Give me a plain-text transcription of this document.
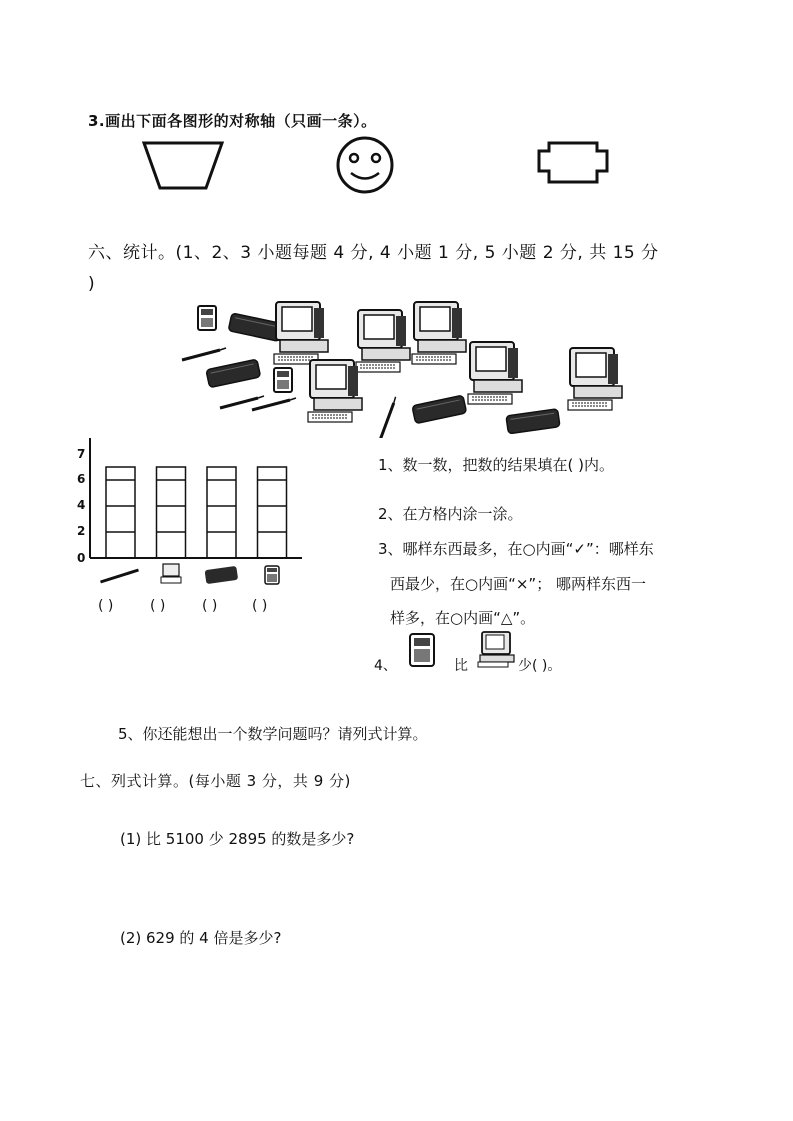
3.画出下面各图形的对称轴（只画一条）。
六、统计。(1、2、3 小题每题 4 分, 4 小题 1 分, 5 小题 2 分, 共 15 分
)
7
6
4
2
0
( )	( )	( ) ( )
1、数一数，把数的结果填在( )内。
2、在方格内涂一涂。
3、哪样东西最多，在○内画“✓”：哪样东
西最少，在○内画“×”； 哪两样东西一
样多，在○内画“△”。
4、	比	少( )。
5、你还能想出一个数学问题吗？请列式计算。
七、列式计算。(每小题 3 分，共 9 分)
(1) 比 5100 少 2895 的数是多少?
(2) 629 的 4 倍是多少?
